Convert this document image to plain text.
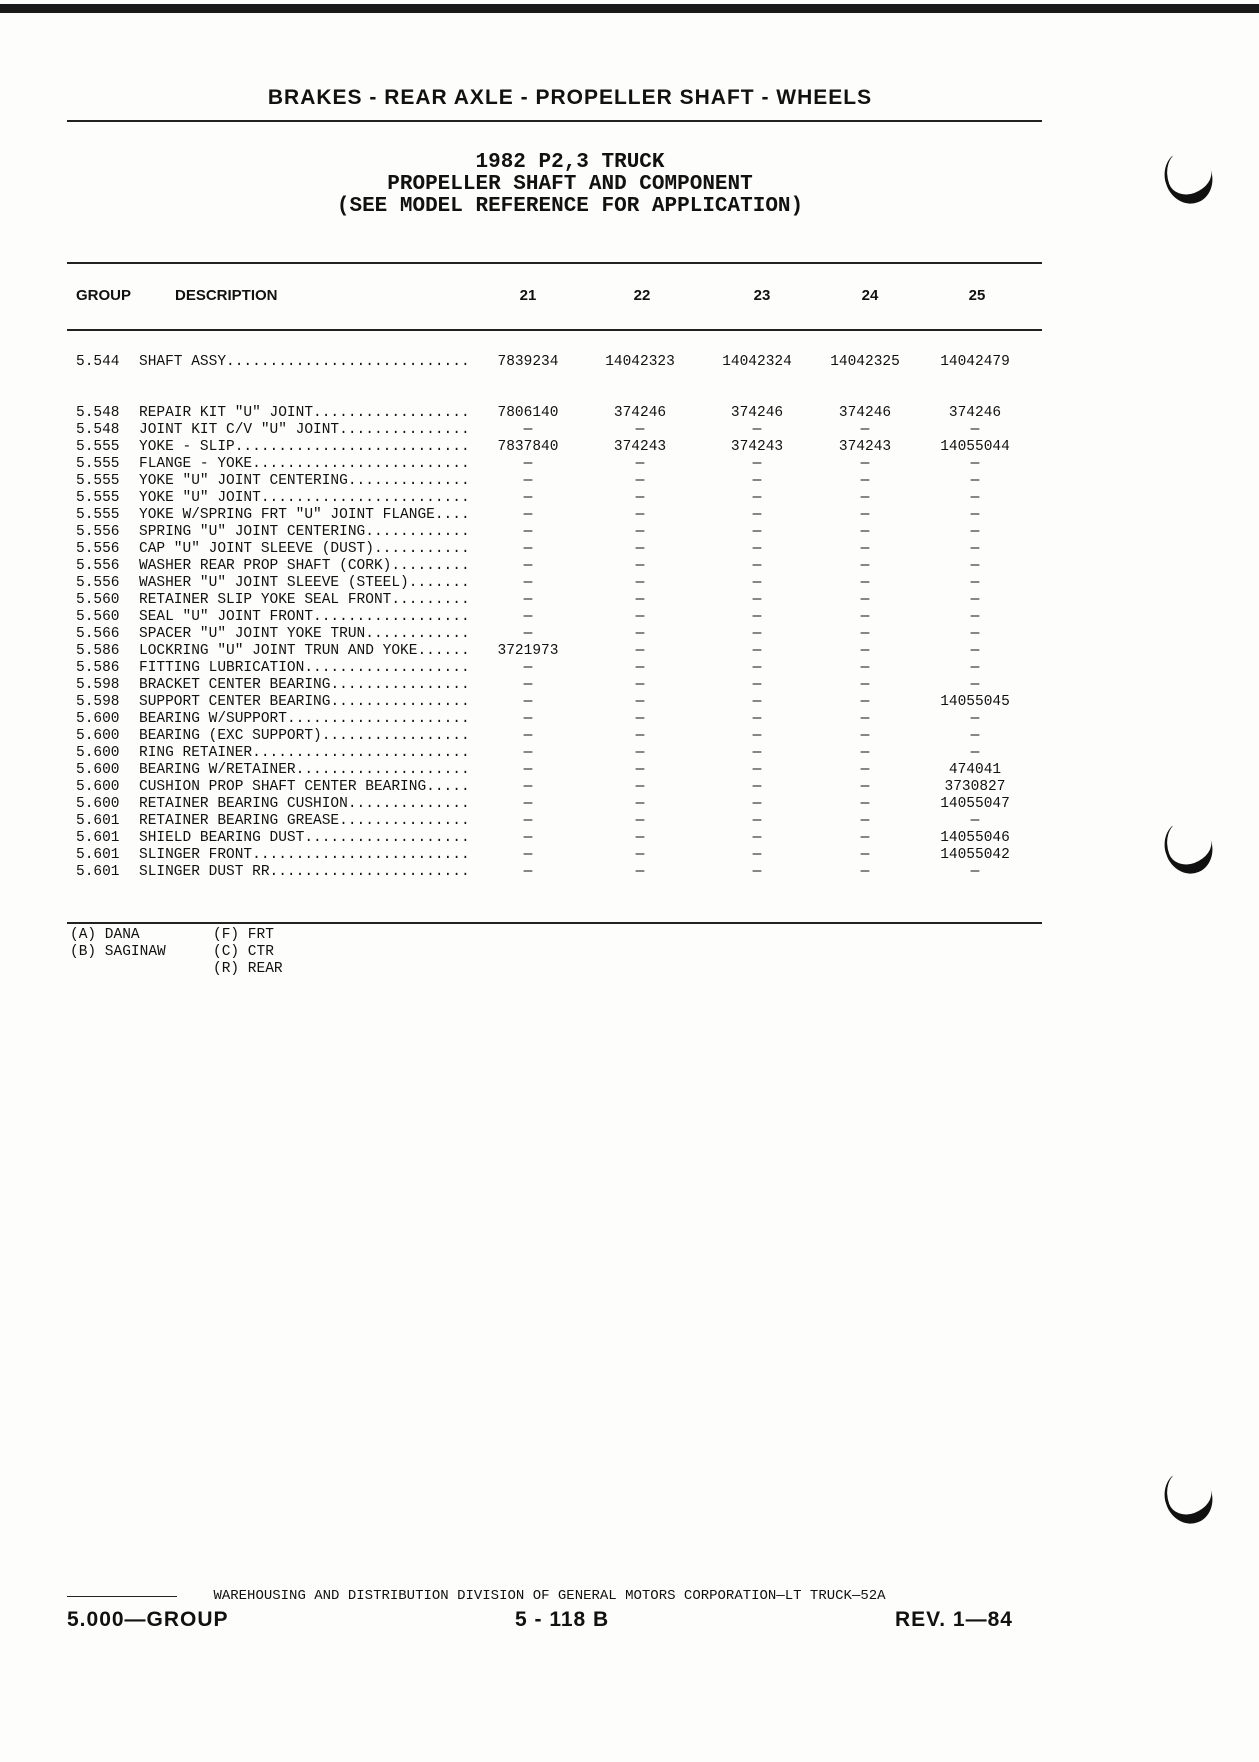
BRAKES - REAR AXLE - PROPELLER SHAFT - WHEELS
1982 P2,3 TRUCK
PROPELLER SHAFT AND COMPONENT
(SEE MODEL REFERENCE FOR APPLICATION)
GROUP	DESCRIPTION	21	22	23	24	25
5.544	SHAFT ASSY............................	7839234	14042323	14042324	14042325	14042479
5.548	REPAIR KIT "U" JOINT..................	7806140	374246	374246	374246	374246
5.548	JOINT KIT C/V "U" JOINT...............	—	—	—	—	—
5.555	YOKE - SLIP...........................	7837840	374243	374243	374243	14055044
5.555	FLANGE - YOKE.........................	—	—	—	—	—
5.555	YOKE "U" JOINT CENTERING..............	—	—	—	—	—
5.555	YOKE "U" JOINT........................	—	—	—	—	—
5.555	YOKE W/SPRING FRT "U" JOINT FLANGE....	—	—	—	—	—
5.556	SPRING "U" JOINT CENTERING............	—	—	—	—	—
5.556	CAP "U" JOINT SLEEVE (DUST)...........	—	—	—	—	—
5.556	WASHER REAR PROP SHAFT (CORK).........	—	—	—	—	—
5.556	WASHER "U" JOINT SLEEVE (STEEL).......	—	—	—	—	—
5.560	RETAINER SLIP YOKE SEAL FRONT.........	—	—	—	—	—
5.560	SEAL "U" JOINT FRONT..................	—	—	—	—	—
5.566	SPACER "U" JOINT YOKE TRUN............	—	—	—	—	—
5.586	LOCKRING "U" JOINT TRUN AND YOKE......	3721973	—	—	—	—
5.586	FITTING LUBRICATION...................	—	—	—	—	—
5.598	BRACKET CENTER BEARING................	—	—	—	—	—
5.598	SUPPORT CENTER BEARING................	—	—	—	—	14055045
5.600	BEARING W/SUPPORT.....................	—	—	—	—	—
5.600	BEARING (EXC SUPPORT).................	—	—	—	—	—
5.600	RING RETAINER.........................	—	—	—	—	—
5.600	BEARING W/RETAINER....................	—	—	—	—	474041
5.600	CUSHION PROP SHAFT CENTER BEARING.....	—	—	—	—	3730827
5.600	RETAINER BEARING CUSHION..............	—	—	—	—	14055047
5.601	RETAINER BEARING GREASE...............	—	—	—	—	—
5.601	SHIELD BEARING DUST...................	—	—	—	—	14055046
5.601	SLINGER FRONT.........................	—	—	—	—	14055042
5.601	SLINGER DUST RR.......................	—	—	—	—	—
(A) DANA
(B) SAGINAW
(F) FRT
(C) CTR
(R) REAR
WAREHOUSING AND DISTRIBUTION DIVISION OF GENERAL MOTORS CORPORATION—LT TRUCK—52A
5.000—GROUP	5 - 118 B	REV. 1—84
